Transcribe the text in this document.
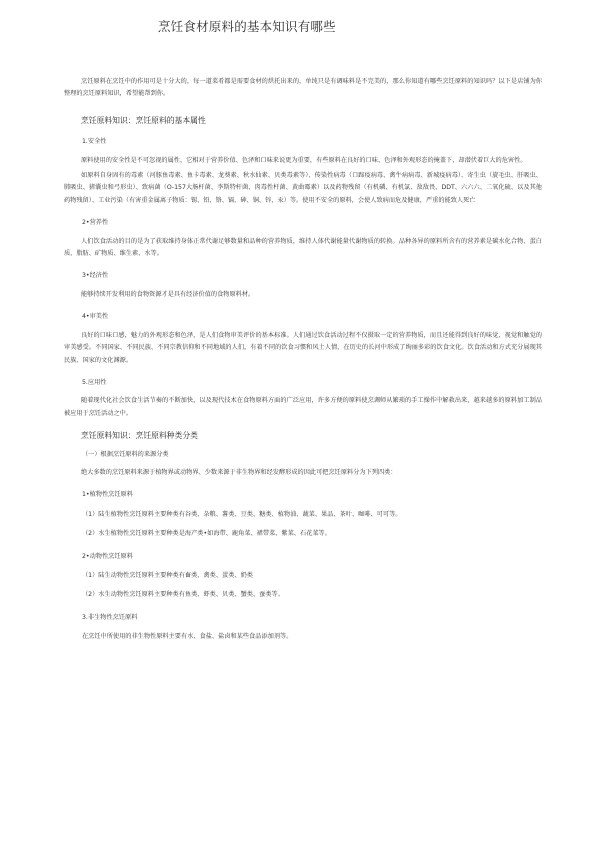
烹饪食材原料的基本知识有哪些

烹饪原料在烹饪中的作用可是十分大的，每一道菜肴都是需要食材的烘托出来的，单纯只是有调味料是不完美的，那么你知道有哪些烹饪原料的知识吗？以下是店铺为你整理的烹饪原料知识，希望能帮到你。

烹饪原料知识：烹饪原料的基本属性

1.安全性

原料使用的安全性是不可忽视的属性，它相对于营养价值、色泽和口味来说更为重要，有些原料在良好的口味、色泽和外观形态的掩盖下，却潜伏着巨大的危害性。

如原料自身固有的毒素（河豚鱼毒素、鱼卡毒素、龙葵素、秋水仙素、贝类毒素等）、传染性病毒（口蹄疫病毒、禽牛病病毒、新城疫病毒）、寄生虫（旋毛虫、肝吸虫、肺吸虫、猪囊虫和弓形虫）、致病菌（O-157大肠杆菌、李斯特杆菌、肉毒性杆菌、黄曲霉素）以及药物残留（有机磷、有机氯、敌敌畏、DDT、六六六、二氧化硫、以及其他药物残留）、工业污染（有害重金属离子物质：锡、铅、铬、镉、砷、铜、锌、汞）等。使用不安全的原料，会使人致病而危及健康，严重的能致人死亡

2•营养性

人们饮食活动的目的是为了获取维持身体正常代谢足够数量和品种的营养物质，维持人体代谢能量代谢物质的转换。品种各异的原料所含有的营养素是碳水化合物、蛋白质、脂肪、矿物质、维生素、水等。

3•经济性

能够持续开发利用的食物资源才是具有经济价值的食物原料材。

4•审美性

良好的口味口感，魅力的外观形态和色泽，是人们食物审美评价的基本标准。人们通过饮食活动过程不仅摄取一定的营养物质，而且还能得到良好的味觉、视觉和触觉的审美感受。不同国家、不同民族、不同宗教信仰和不同地域的人们，有着不同的饮食习惯和风土人情，在历史的长河中形成了绚丽多彩的饮食文化。饮食活动和方式充分展现其民族、国家的文化渊源。

5.应用性

随着现代化社会饮食生活节奏的不断加快，以及现代技术在食物原料方面的广泛应用，许多方便的原料使烹调师从繁琐的手工操作中解救出来，越来越多的原料加工制品被应用于烹饪活动之中。

烹饪原料知识：烹饪原料种类分类

（一）根据烹饪原料的来源分类

绝大多数的烹饪原料来源于植物界或动物界、少数来源于非生物界和经发酵形成的因此可把烹饪原料分为下列四类：

1•植物性烹饪原料

（1）陆生植物性烹饪原料主要种类有谷类、杂粮、薯类、豆类、糖类、植物油、蔬菜、果品、茶叶、咖啡、可可等。

（2）水生植物性烹饪原料主要种类是海产类•如海带、鹿角菜、裙带菜、紫菜、石花菜等。

2•动物性烹饪原料

（1）陆生动物性烹饪原料主要种类有畜类、禽类、蛋类、奶类

（2）水生动物性烹饪原料主要种类有鱼类、虾类、贝类、蟹类、蚕类等。

3.非生物性烹饪原料

在烹饪中所使用的非生物性原料主要有水、食盐、盐卤和某些食品添加剂等。
